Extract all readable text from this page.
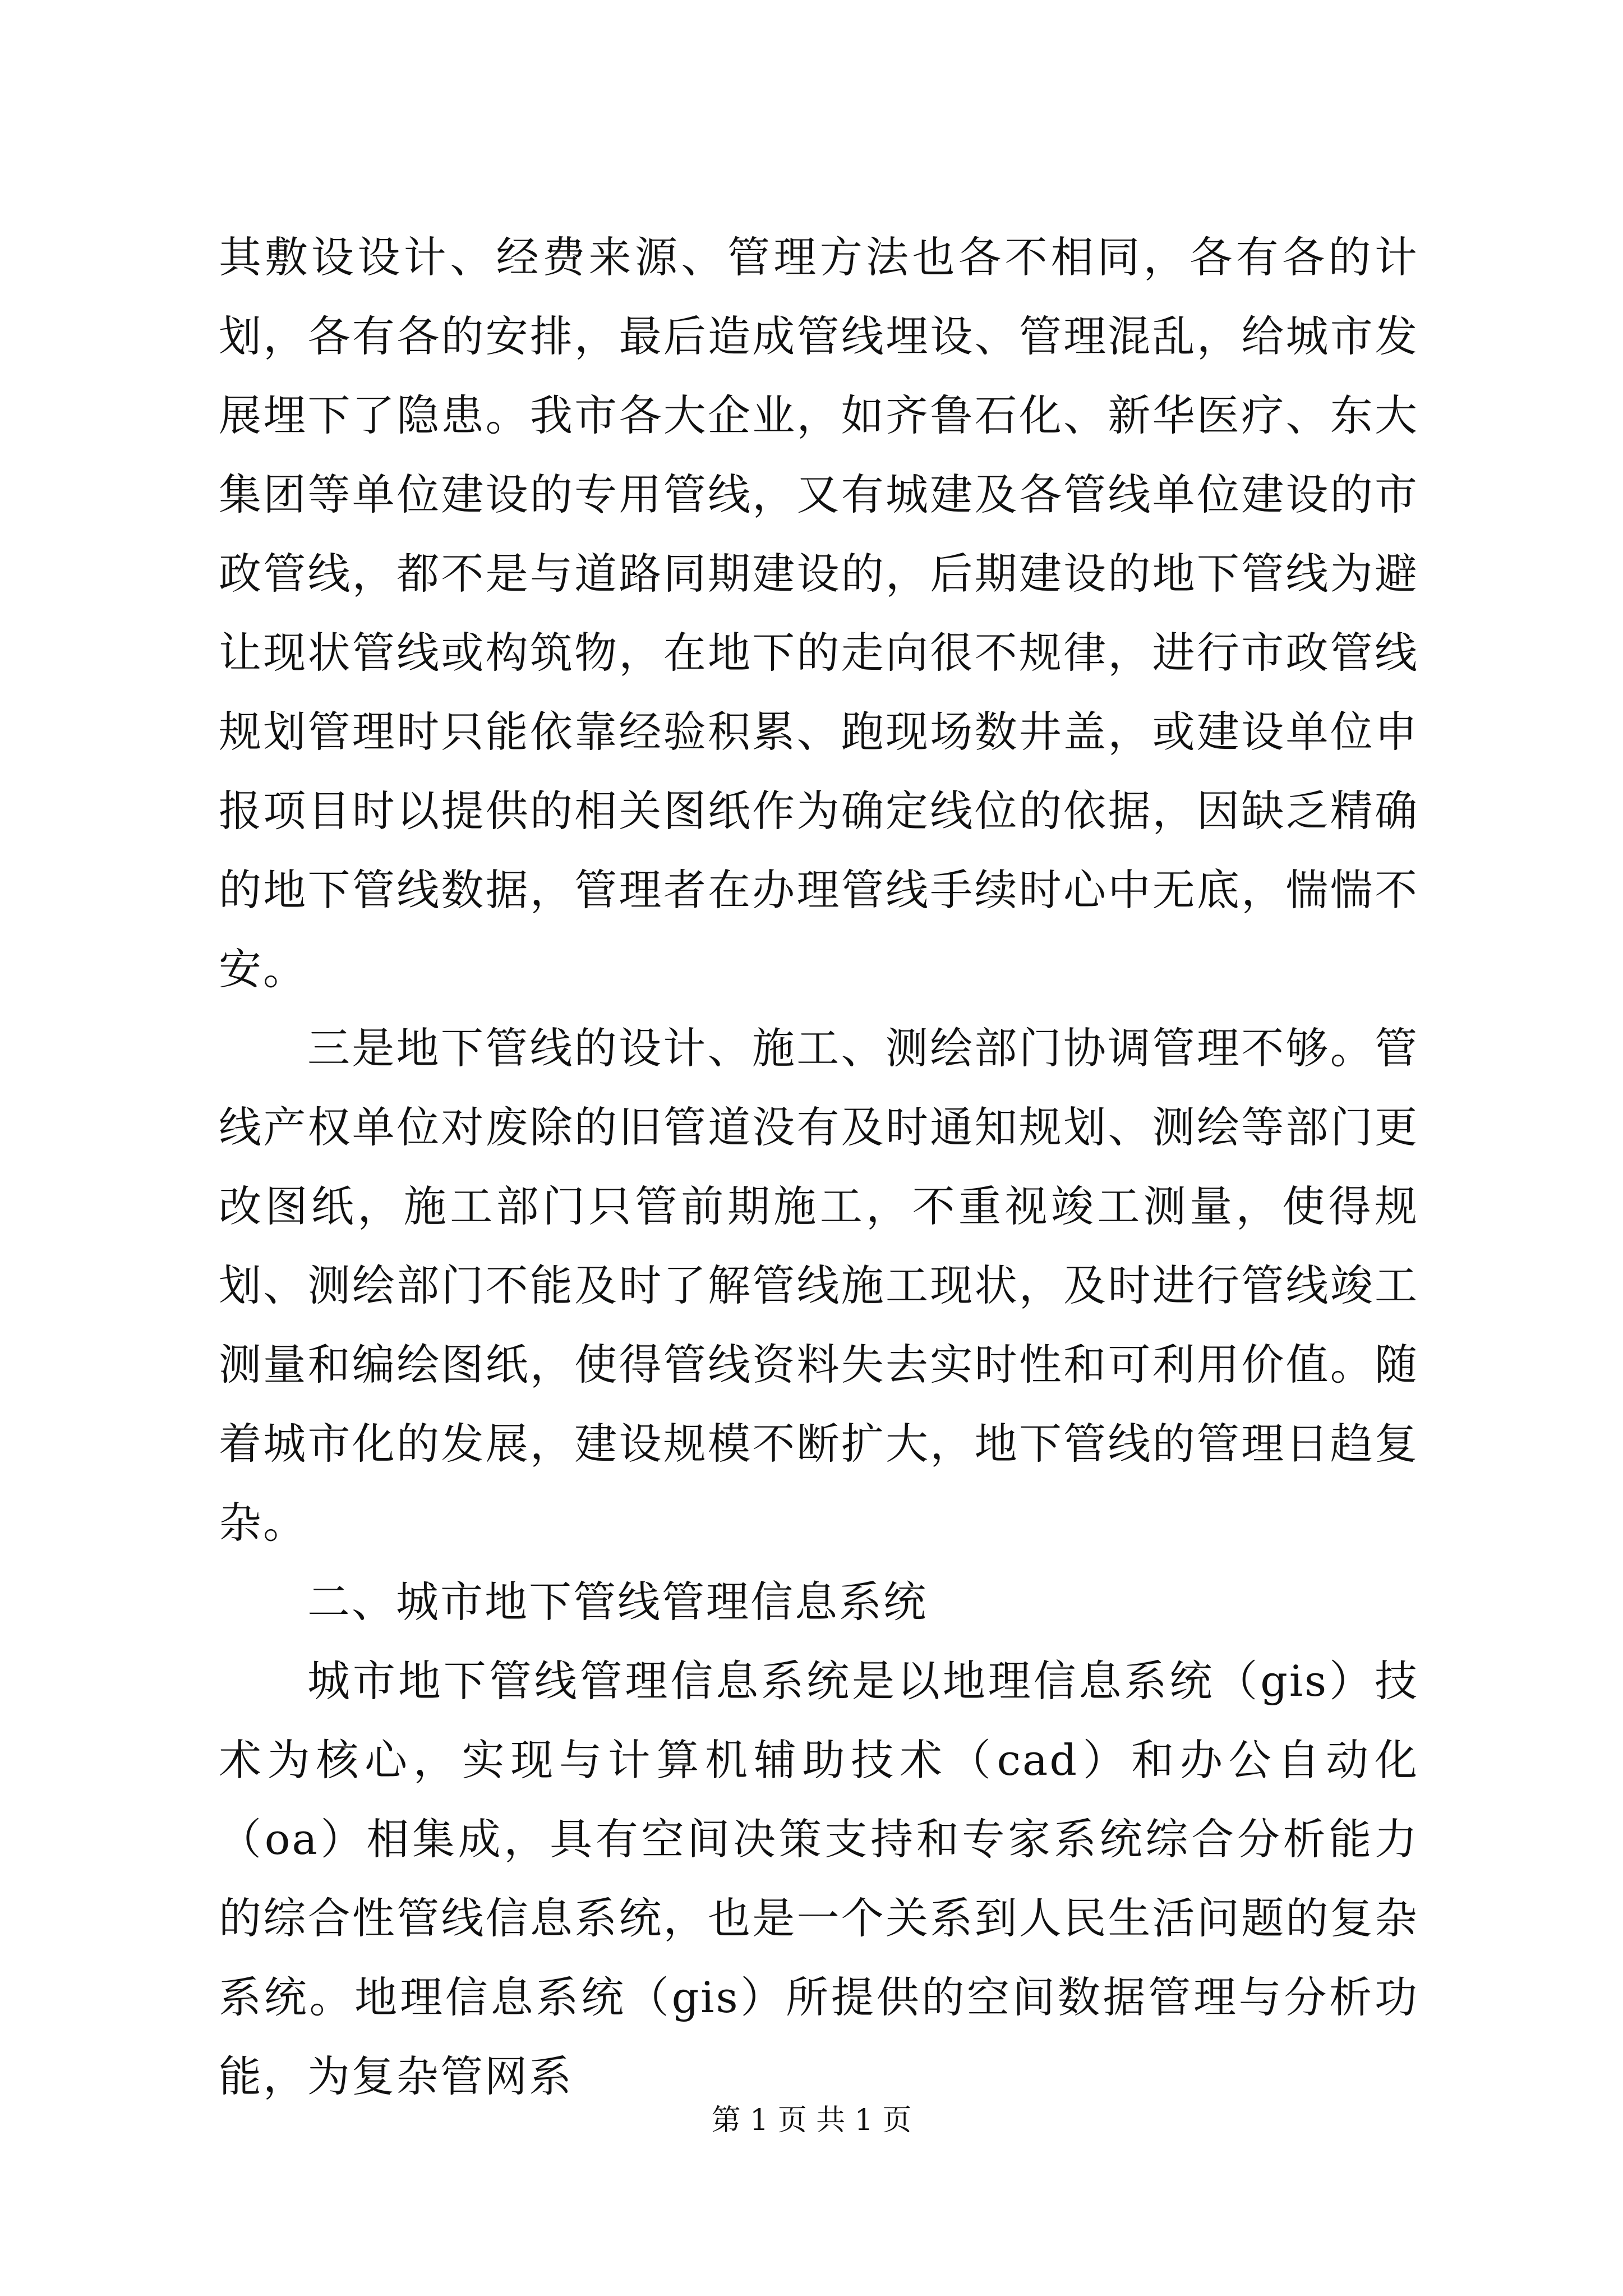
其敷设设计、经费来源、管理方法也各不相同，各有各的计划，各有各的安排，最后造成管线埋设、管理混乱，给城市发展埋下了隐患。我市各大企业，如齐鲁石化、新华医疗、东大集团等单位建设的专用管线，又有城建及各管线单位建设的市政管线，都不是与道路同期建设的，后期建设的地下管线为避让现状管线或构筑物，在地下的走向很不规律，进行市政管线规划管理时只能依靠经验积累、跑现场数井盖，或建设单位申报项目时以提供的相关图纸作为确定线位的依据，因缺乏精确的地下管线数据，管理者在办理管线手续时心中无底，惴惴不安。

三是地下管线的设计、施工、测绘部门协调管理不够。管线产权单位对废除的旧管道没有及时通知规划、测绘等部门更改图纸，施工部门只管前期施工，不重视竣工测量，使得规划、测绘部门不能及时了解管线施工现状，及时进行管线竣工测量和编绘图纸，使得管线资料失去实时性和可利用价值。随着城市化的发展，建设规模不断扩大，地下管线的管理日趋复杂。

二、城市地下管线管理信息系统

城市地下管线管理信息系统是以地理信息系统（gis）技术为核心，实现与计算机辅助技术（cad）和办公自动化（oa）相集成，具有空间决策支持和专家系统综合分析能力的综合性管线信息系统，也是一个关系到人民生活问题的复杂系统。地理信息系统（gis）所提供的空间数据管理与分析功能，为复杂管网系

第 1 页 共 1 页
